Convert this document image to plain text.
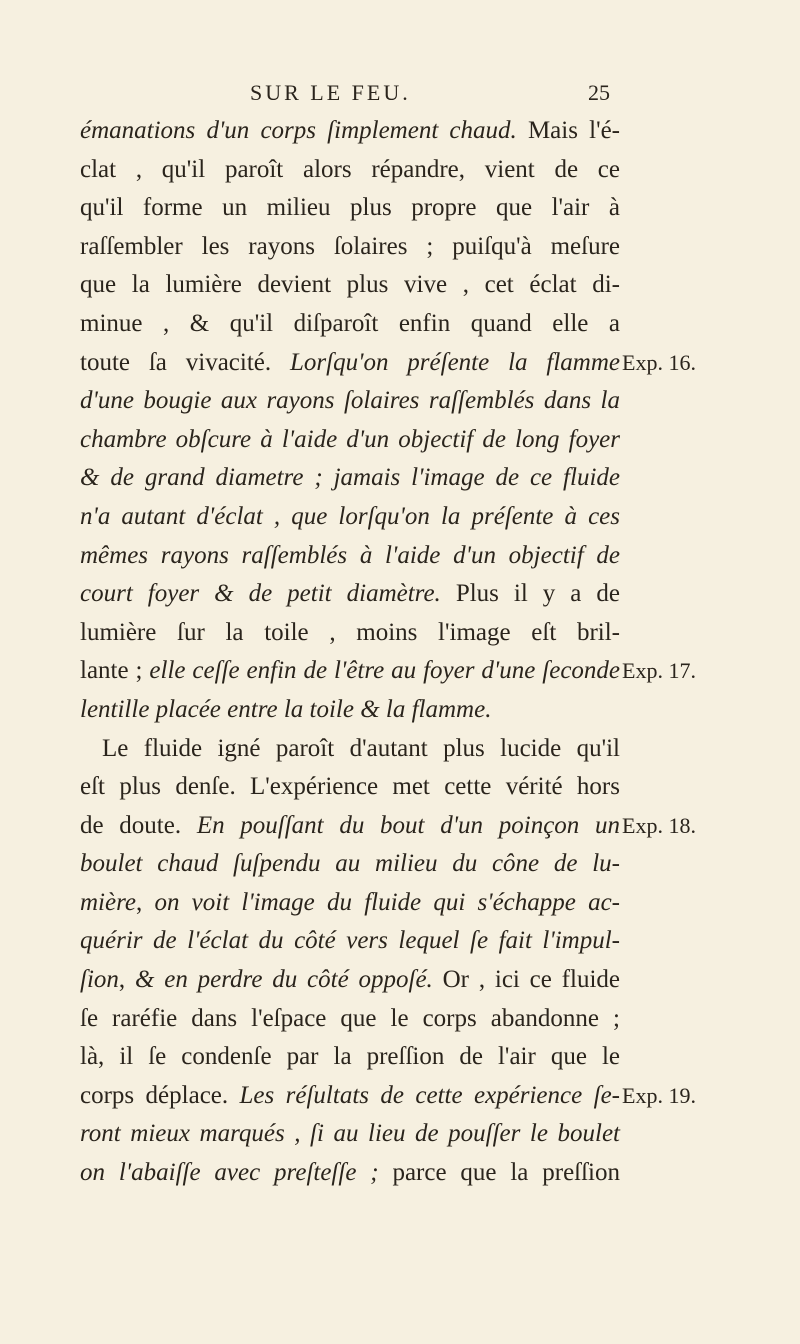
SUR LE FEU.	25
émanations d'un corps ſimplement chaud. Mais l'é-
clat , qu'il paroît alors répandre, vient de ce
qu'il forme un milieu plus propre que l'air à
raſſembler les rayons ſolaires ; puiſqu'à meſure
que la lumière devient plus vive , cet éclat di-
minue , & qu'il diſparoît enfin quand elle a
toute ſa vivacité. Lorſqu'on préſente la flamme
d'une bougie aux rayons ſolaires raſſemblés dans la
chambre obſcure à l'aide d'un objectif de long foyer
& de grand diametre ; jamais l'image de ce fluide
n'a autant d'éclat , que lorſqu'on la préſente à ces
mêmes rayons raſſemblés à l'aide d'un objectif de
court foyer & de petit diamètre. Plus il y a de
lumière ſur la toile , moins l'image eſt bril-
lante ; elle ceſſe enfin de l'être au foyer d'une ſeconde
lentille placée entre la toile & la flamme.
Le fluide igné paroît d'autant plus lucide qu'il
eſt plus denſe. L'expérience met cette vérité hors
de doute. En pouſſant du bout d'un poinçon un
boulet chaud ſuſpendu au milieu du cône de lu-
mière, on voit l'image du fluide qui s'échappe ac-
quérir de l'éclat du côté vers lequel ſe fait l'impul-
ſion, & en perdre du côté oppoſé. Or , ici ce fluide
ſe raréfie dans l'eſpace que le corps abandonne ;
là, il ſe condenſe par la preſſion de l'air que le
corps déplace. Les réſultats de cette expérience ſe-
ront mieux marqués , ſi au lieu de pouſſer le boulet
on l'abaiſſe avec preſteſſe ; parce que la preſſion
Exp. 16.
Exp. 17.
Exp. 18.
Exp. 19.
